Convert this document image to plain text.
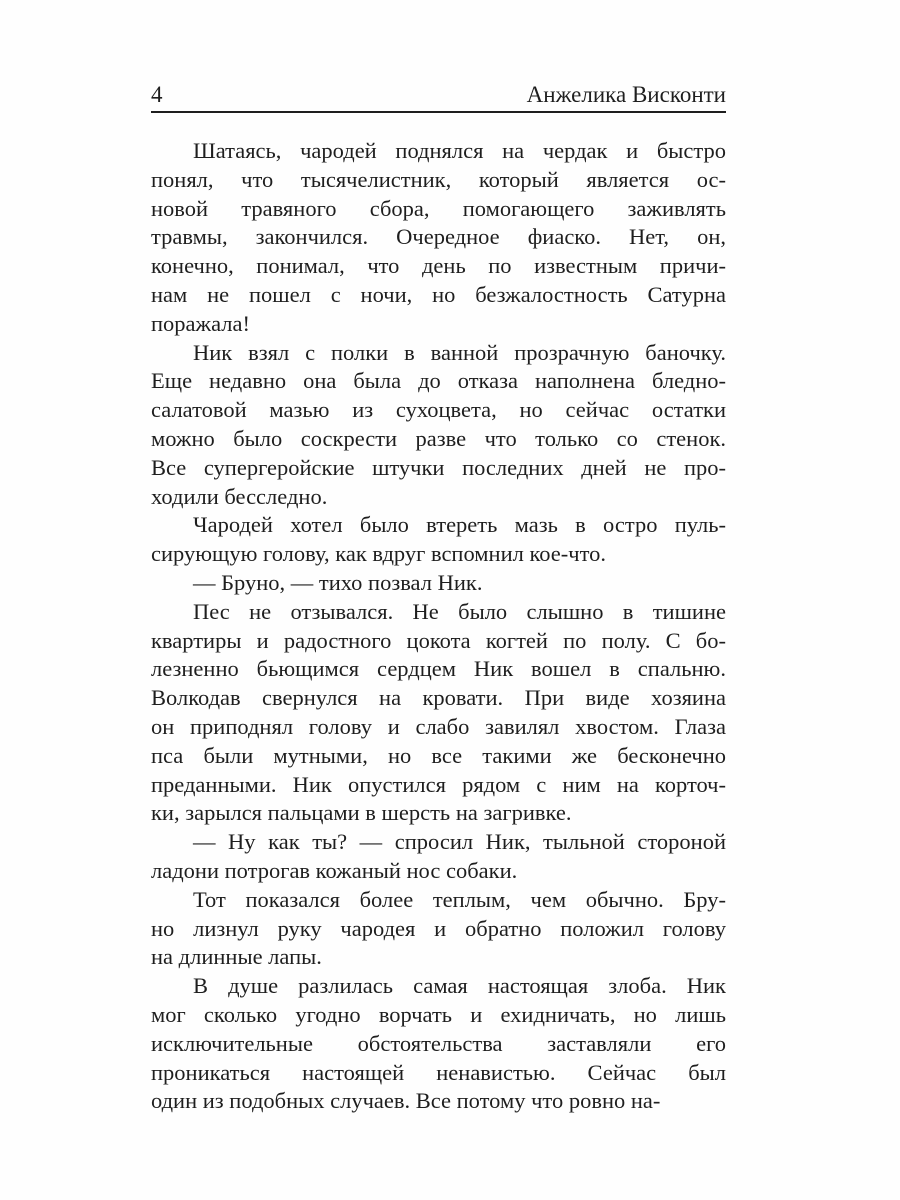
4	Анжелика Висконти
Шатаясь, чародей поднялся на чердак и быстро
понял, что тысячелистник, который является ос-
новой травяного сбора, помогающего заживлять
травмы, закончился. Очередное фиаско. Нет, он,
конечно, понимал, что день по известным причи-
нам не пошел с ночи, но безжалостность Сатурна
поражала!
Ник взял с полки в ванной прозрачную баночку.
Еще недавно она была до отказа наполнена бледно-
салатовой мазью из сухоцвета, но сейчас остатки
можно было соскрести разве что только со стенок.
Все супергеройские штучки последних дней не про-
ходили бесследно.
Чародей хотел было втереть мазь в остро пуль-
сирующую голову, как вдруг вспомнил кое-что.
— Бруно, — тихо позвал Ник.
Пес не отзывался. Не было слышно в тишине
квартиры и радостного цокота когтей по полу. С бо-
лезненно бьющимся сердцем Ник вошел в спальню.
Волкодав свернулся на кровати. При виде хозяина
он приподнял голову и слабо завилял хвостом. Глаза
пса были мутными, но все такими же бесконечно
преданными. Ник опустился рядом с ним на корточ-
ки, зарылся пальцами в шерсть на загривке.
— Ну как ты? — спросил Ник, тыльной стороной
ладони потрогав кожаный нос собаки.
Тот показался более теплым, чем обычно. Бру-
но лизнул руку чародея и обратно положил голову
на длинные лапы.
В душе разлилась самая настоящая злоба. Ник
мог сколько угодно ворчать и ехидничать, но лишь
исключительные обстоятельства заставляли его
проникаться настоящей ненавистью. Сейчас был
один из подобных случаев. Все потому что ровно на-
